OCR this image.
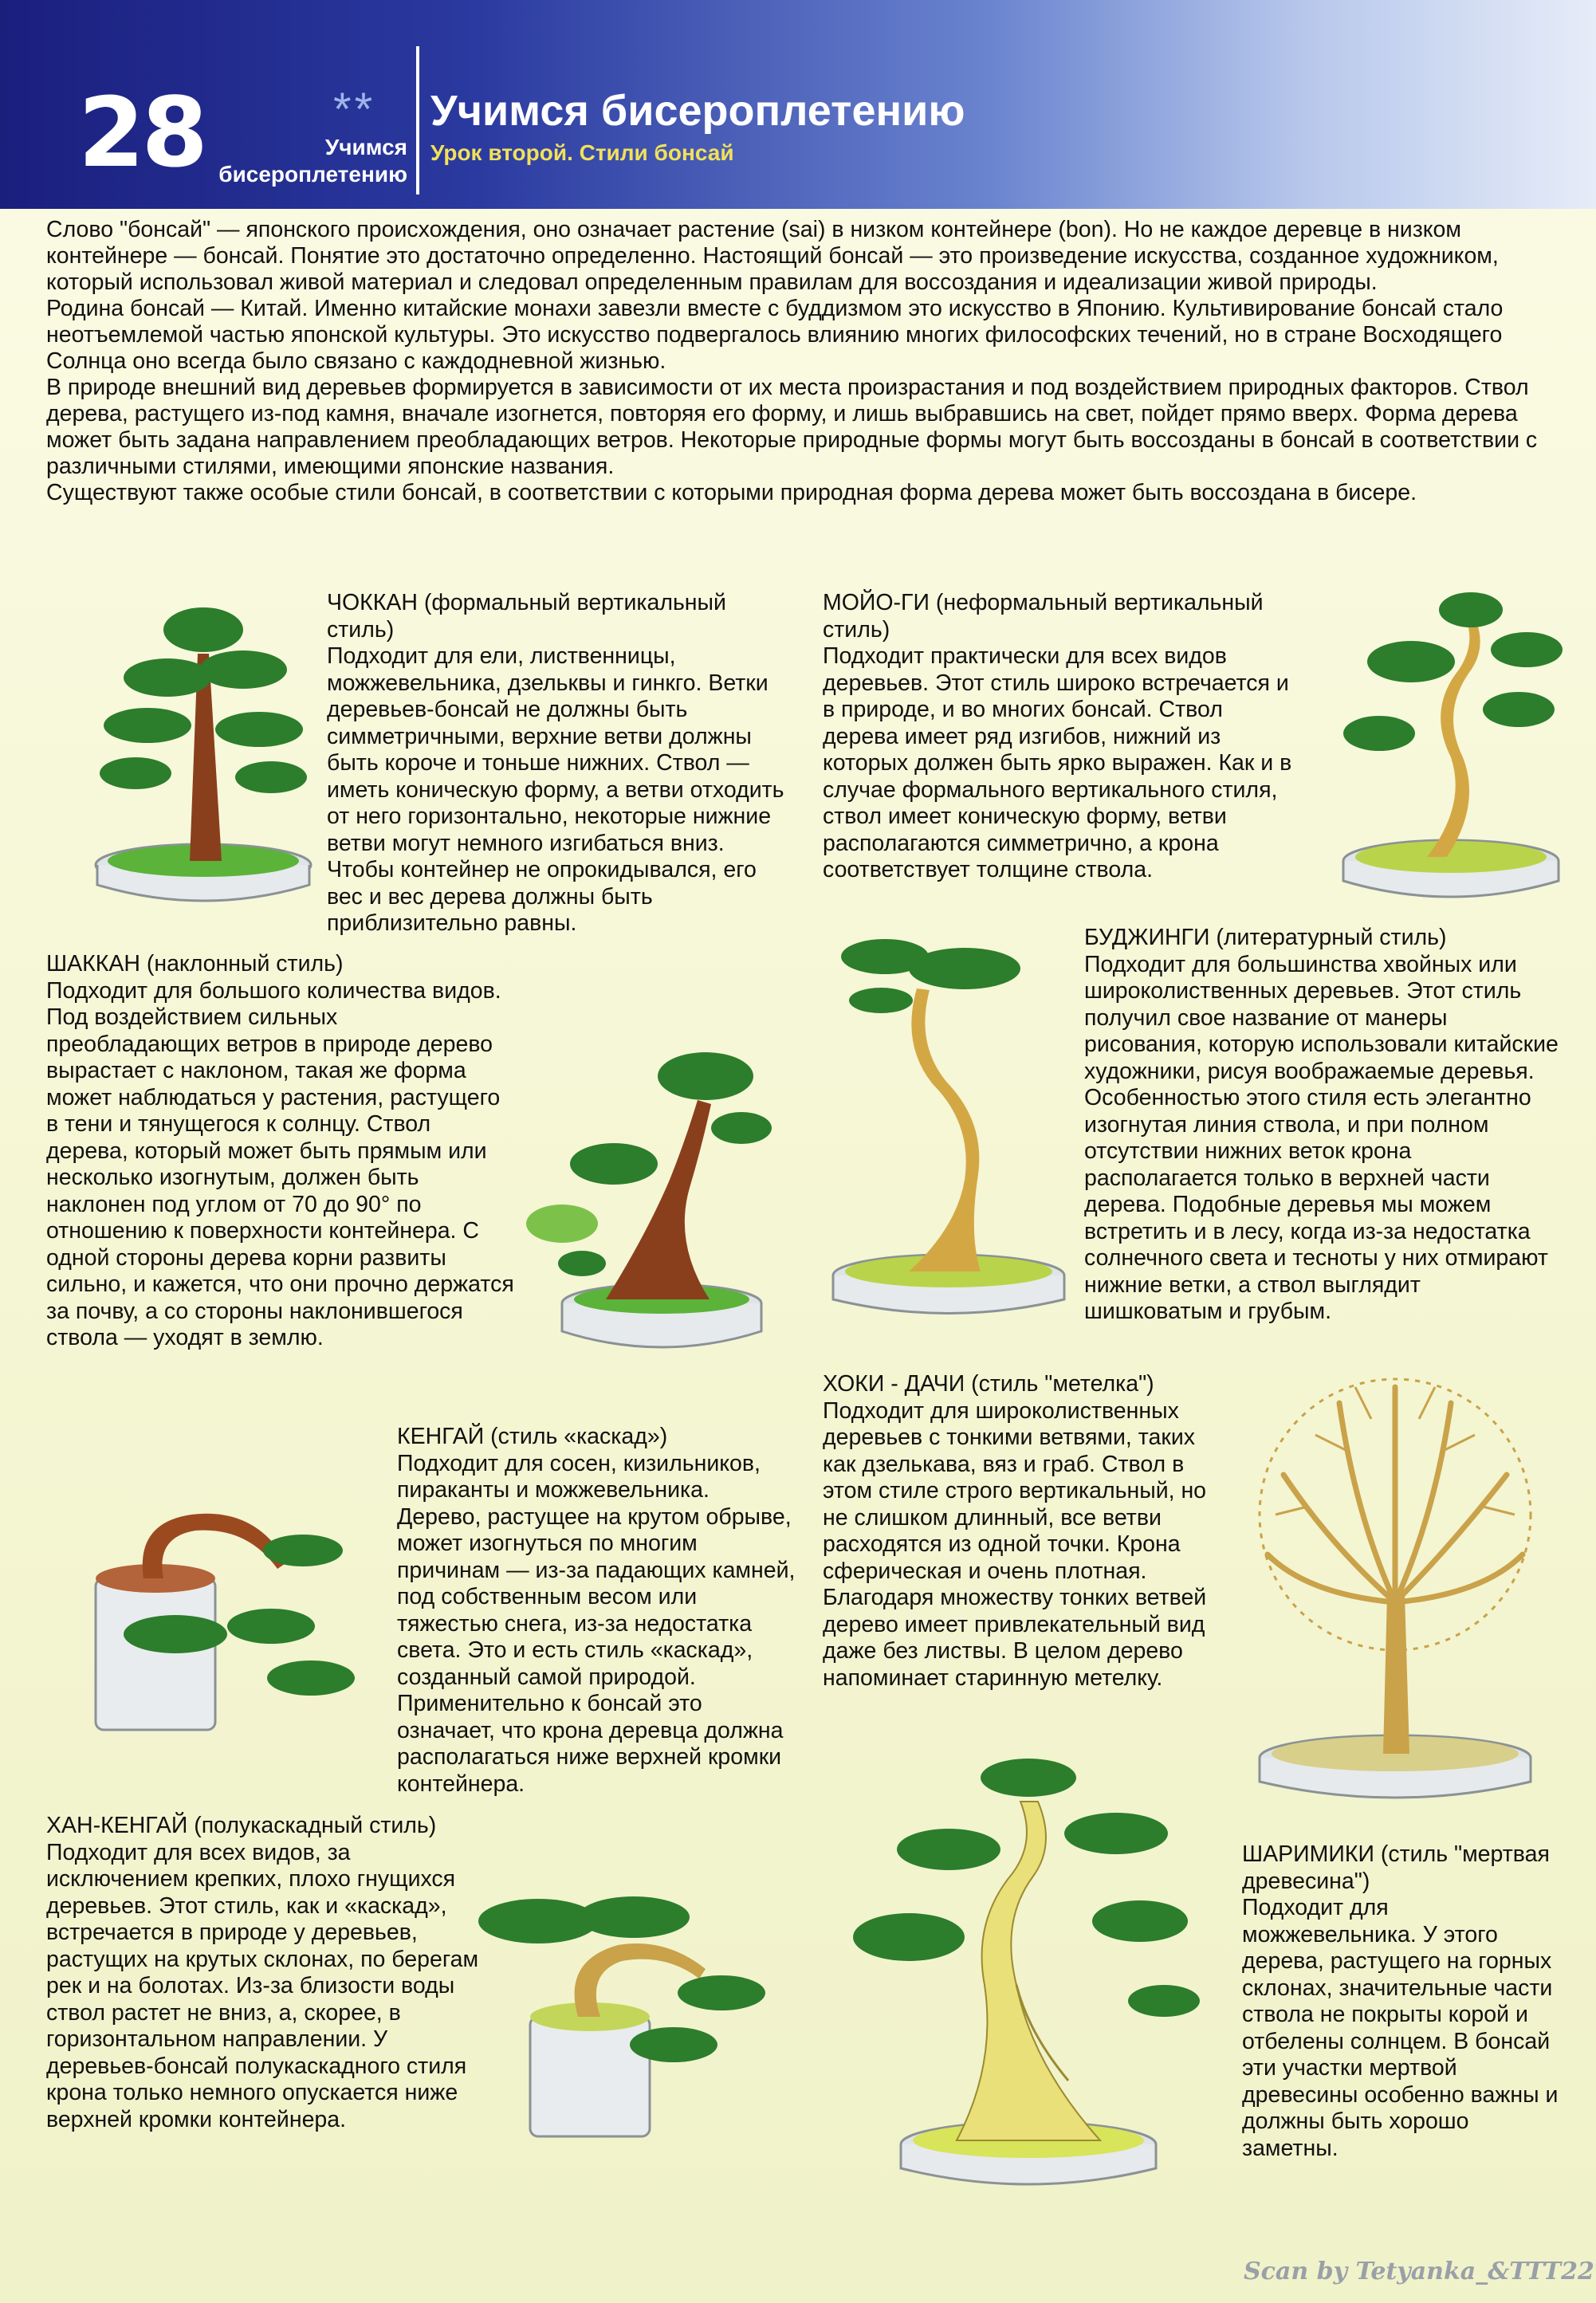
28	**
Учимся
бисероплетению
Учимся бисероплетению
Урок второй. Стили бонсай

Слово "бонсай" — японского происхождения, оно означает растение (sai) в низком контейнере (bon). Но не каждое деревце в низком контейнере — бонсай. Понятие это достаточно определенно. Настоящий бонсай — это произведение искусства, созданное художником, который использовал живой материал и следовал определенным правилам для воссоздания и идеализации живой природы.

Родина бонсай — Китай. Именно китайские монахи завезли вместе с буддизмом это искусство в Японию. Культивирование бонсай стало неотъемлемой частью японской культуры. Это искусство подвергалось влиянию многих философских течений, но в стране Восходящего Солнца оно всегда было связано с каждодневной жизнью.

В природе внешний вид деревьев формируется в зависимости от их места произрастания и под воздействием природных факторов. Ствол дерева, растущего из-под камня, вначале изогнется, повторяя его форму, и лишь выбравшись на свет, пойдет прямо вверх. Форма дерева может быть задана направлением преобладающих ветров. Некоторые природные формы могут быть воссозданы в бонсай в соответствии с различными стилями, имеющими японские названия.

Существуют также особые стили бонсай, в соответствии с которыми природная форма дерева может быть воссоздана в бисере.

ЧОККАН (формальный вертикальный стиль)
Подходит для ели, лиственницы, можжевельника, дзельквы и гинкго. Ветки деревьев-бонсай не должны быть симметричными, верхние ветви должны быть короче и тоньше нижних. Ствол — иметь коническую форму, а ветви отходить от него горизонтально, некоторые нижние ветви могут немного изгибаться вниз. Чтобы контейнер не опрокидывался, его вес и вес дерева должны быть приблизительно равны.

МОЙО-ГИ (неформальный вертикальный стиль)
Подходит практически для всех видов деревьев. Этот стиль широко встречается и в природе, и во многих бонсай. Ствол дерева имеет ряд изгибов, нижний из которых должен быть ярко выражен. Как и в случае формального вертикального стиля, ствол имеет коническую форму, ветви располагаются симметрично, а крона соответствует толщине ствола.

ШАККАН (наклонный стиль)
Подходит для большого количества видов. Под воздействием сильных преобладающих ветров в природе дерево вырастает с наклоном, такая же форма может наблюдаться у растения, растущего в тени и тянущегося к солнцу. Ствол дерева, который может быть прямым или несколько изогнутым, должен быть наклонен под углом от 70 до 90° по отношению к поверхности контейнера. С одной стороны дерева корни развиты сильно, и кажется, что они прочно держатся за почву, а со стороны наклонившегося ствола — уходят в землю.

БУДЖИНГИ (литературный стиль)
Подходит для большинства хвойных или широколиственных деревьев. Этот стиль получил свое название от манеры рисования, которую использовали китайские художники, рисуя воображаемые деревья. Особенностью этого стиля есть элегантно изогнутая линия ствола, и при полном отсутствии нижних веток крона располагается только в верхней части дерева. Подобные деревья мы можем встретить и в лесу, когда из-за недостатка солнечного света и тесноты у них отмирают нижние ветки, а ствол выглядит шишковатым и грубым.

КЕНГАЙ (стиль «каскад»)
Подходит для сосен, кизильников, пираканты и можжевельника. Дерево, растущее на крутом обрыве, может изогнуться по многим причинам — из-за падающих камней, под собственным весом или тяжестью снега, из-за недостатка света. Это и есть стиль «каскад», созданный самой природой. Применительно к бонсай это означает, что крона деревца должна располагаться ниже верхней кромки контейнера.

ХОКИ - ДАЧИ (стиль "метелка")
Подходит для широколиственных деревьев с тонкими ветвями, таких как дзелькава, вяз и граб. Ствол в этом стиле строго вертикальный, но не слишком длинный, все ветви расходятся из одной точки. Крона сферическая и очень плотная. Благодаря множеству тонких ветвей дерево имеет привлекательный вид даже без листвы. В целом дерево напоминает старинную метелку.

ХАН-КЕНГАЙ (полукаскадный стиль)
Подходит для всех видов, за исключением крепких, плохо гнущихся деревьев. Этот стиль, как и «каскад», встречается в природе у деревьев, растущих на крутых склонах, по берегам рек и на болотах. Из-за близости воды ствол растет не вниз, а, скорее, в горизонтальном направлении. У деревьев-бонсай полукаскадного стиля крона только немного опускается ниже верхней кромки контейнера.

ШАРИМИКИ (стиль "мертвая древесина")
Подходит для можжевельника. У этого дерева, растущего на горных склонах, значительные части ствола не покрыты корой и отбелены солнцем. В бонсай эти участки мертвой древесины особенно важны и должны быть хорошо заметны.

Scan by Tetyanka_&TTT22
